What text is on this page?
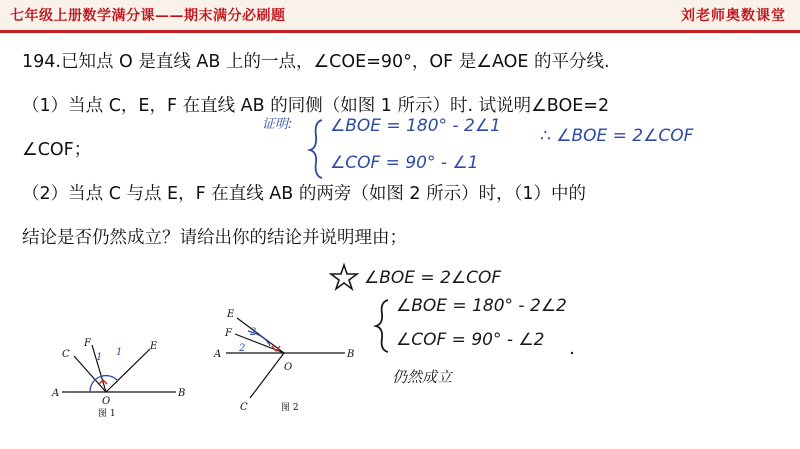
七年级上册数学满分课——期末满分必刷题	刘老师奥数课堂
194.已知点 O 是直线 AB 上的一点，∠COE=90°，OF 是∠AOE 的平分线.
（1）当点 C，E，F 在直线 AB 的同侧（如图 1 所示）时. 试说明∠BOE=2
∠COF；
（2）当点 C 与点 E，F 在直线 AB 的两旁（如图 2 所示）时，（1）中的
结论是否仍然成立？请给出你的结论并说明理由；
证明: ∠BOE = 180° - 2∠1
∠COF = 90° - ∠1
∴ ∠BOE = 2∠COF
∠BOE = 2∠COF
∠BOE = 180° - 2∠2
∠COF = 90° - ∠2
仍然成立
A	B
O
C
F	E
1 1
图 1
A	B
O
E
F
C
2
2
图 2
